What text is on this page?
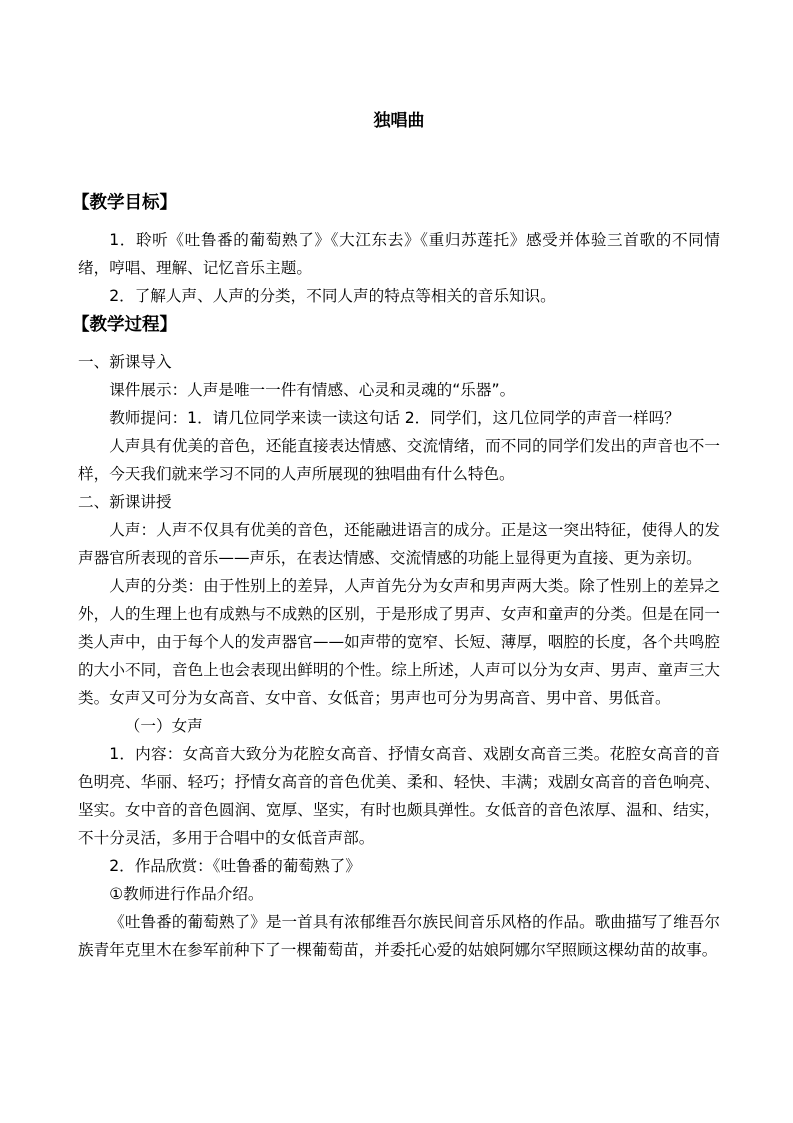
独唱曲
【教学目标】

1．聆听《吐鲁番的葡萄熟了》《大江东去》《重归苏莲托》感受并体验三首歌的不同情绪，哼唱、理解、记忆音乐主题。

2．了解人声、人声的分类，不同人声的特点等相关的音乐知识。

【教学过程】

一、新课导入

课件展示：人声是唯一一件有情感、心灵和灵魂的“乐器”。

教师提问：1．请几位同学来读一读这句话 2．同学们，这几位同学的声音一样吗？

人声具有优美的音色，还能直接表达情感、交流情绪，而不同的同学们发出的声音也不一样，今天我们就来学习不同的人声所展现的独唱曲有什么特色。

二、新课讲授

人声：人声不仅具有优美的音色，还能融进语言的成分。正是这一突出特征，使得人的发声器官所表现的音乐——声乐，在表达情感、交流情感的功能上显得更为直接、更为亲切。

人声的分类：由于性别上的差异，人声首先分为女声和男声两大类。除了性别上的差异之外，人的生理上也有成熟与不成熟的区别，于是形成了男声、女声和童声的分类。但是在同一类人声中，由于每个人的发声器官——如声带的宽窄、长短、薄厚，咽腔的长度，各个共鸣腔的大小不同，音色上也会表现出鲜明的个性。综上所述，人声可以分为女声、男声、童声三大类。女声又可分为女高音、女中音、女低音；男声也可分为男高音、男中音、男低音。

（一）女声

1．内容：女高音大致分为花腔女高音、抒情女高音、戏剧女高音三类。花腔女高音的音色明亮、华丽、轻巧；抒情女高音的音色优美、柔和、轻快、丰满；戏剧女高音的音色响亮、坚实。女中音的音色圆润、宽厚、坚实，有时也颇具弹性。女低音的音色浓厚、温和、结实，不十分灵活，多用于合唱中的女低音声部。

2．作品欣赏：《吐鲁番的葡萄熟了》

①教师进行作品介绍。

《吐鲁番的葡萄熟了》是一首具有浓郁维吾尔族民间音乐风格的作品。歌曲描写了维吾尔族青年克里木在参军前种下了一棵葡萄苗，并委托心爱的姑娘阿娜尔罕照顾这棵幼苗的故事。
